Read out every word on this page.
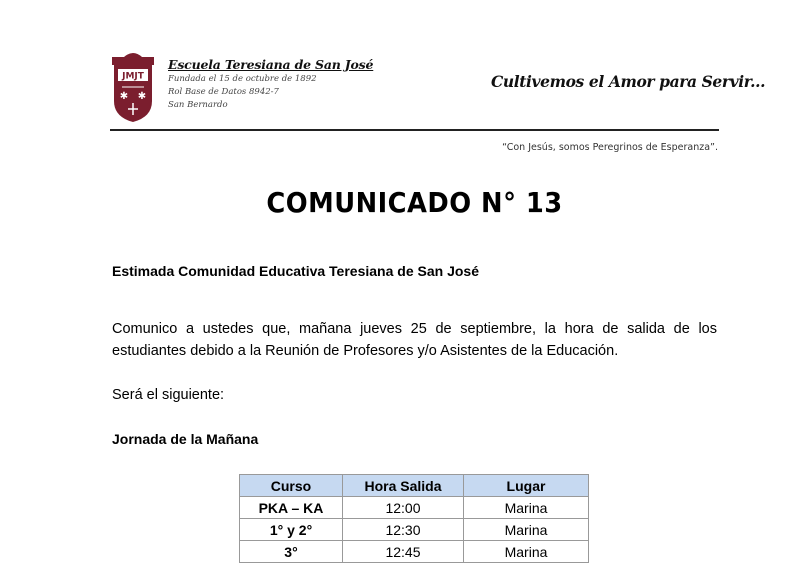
JMJT
✱ ✱
Escuela Teresiana de San José
Fundada el 15 de octubre de 1892
Rol Base de Datos 8942-7
San Bernardo
Cultivemos el Amor para Servir...
“Con Jesús, somos Peregrinos de Esperanza”.
COMUNICADO N° 13
Estimada Comunidad Educativa Teresiana de San José

Comunico a ustedes que, mañana jueves 25 de septiembre, la hora de salida de los estudiantes debido a la Reunión de Profesores y/o Asistentes de la Educación.

Será el siguiente:
Jornada de la Mañana
Curso	Hora Salida	Lugar
PKA – KA	12:00	Marina
1° y 2°	12:30	Marina
3°	12:45	Marina
